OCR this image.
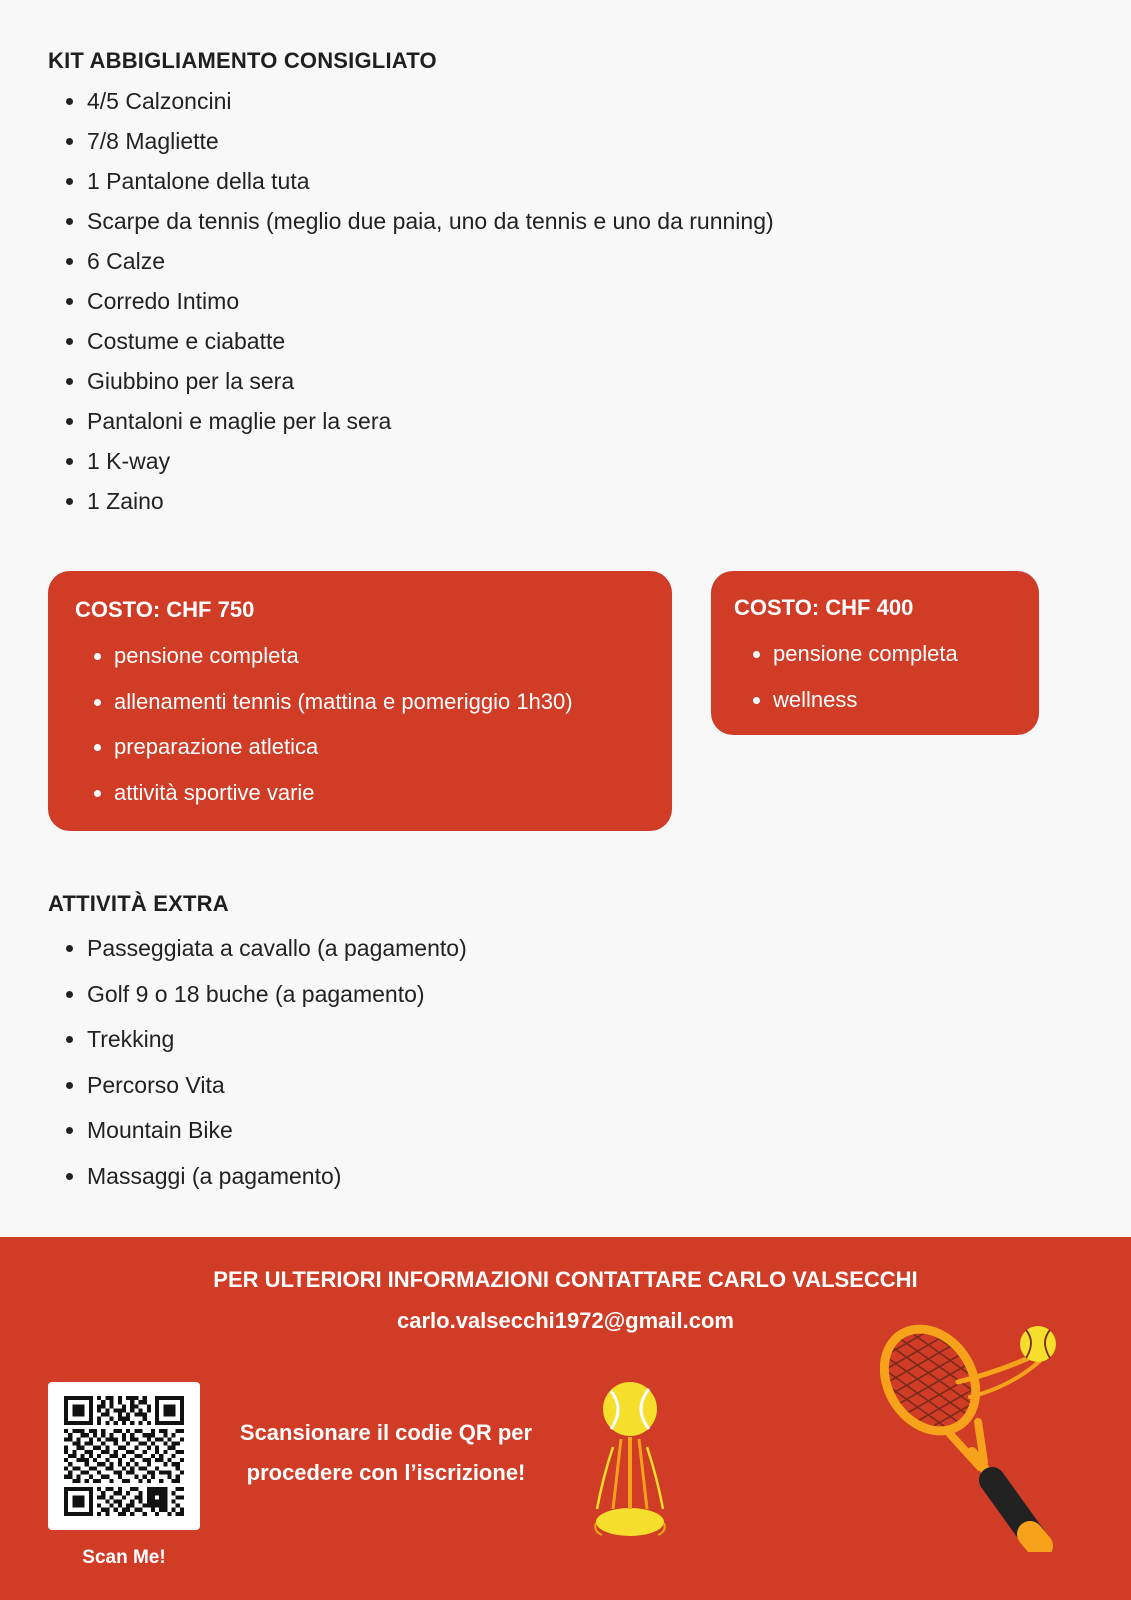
KIT ABBIGLIAMENTO CONSIGLIATO
• 4/5 Calzoncini
• 7/8 Magliette
• 1 Pantalone della tuta
• Scarpe da tennis (meglio due paia, uno da tennis e uno da running)
• 6 Calze
• Corredo Intimo
• Costume e ciabatte
• Giubbino per la sera
• Pantaloni e maglie per la sera
• 1 K-way
• 1 Zaino
COSTO: CHF 750
• pensione completa
• allenamenti tennis (mattina e pomeriggio 1h30)
• preparazione atletica
• attività sportive varie
COSTO: CHF 400
• pensione completa
• wellness
ATTIVITÀ EXTRA
• Passeggiata a cavallo (a pagamento)
• Golf 9 o 18 buche (a pagamento)
• Trekking
• Percorso Vita
• Mountain Bike
• Massaggi (a pagamento)
PER ULTERIORI INFORMAZIONI CONTATTARE CARLO VALSECCHI
carlo.valsecchi1972@gmail.com
Scan Me!
Scansionare il codie QR per
procedere con l’iscrizione!
